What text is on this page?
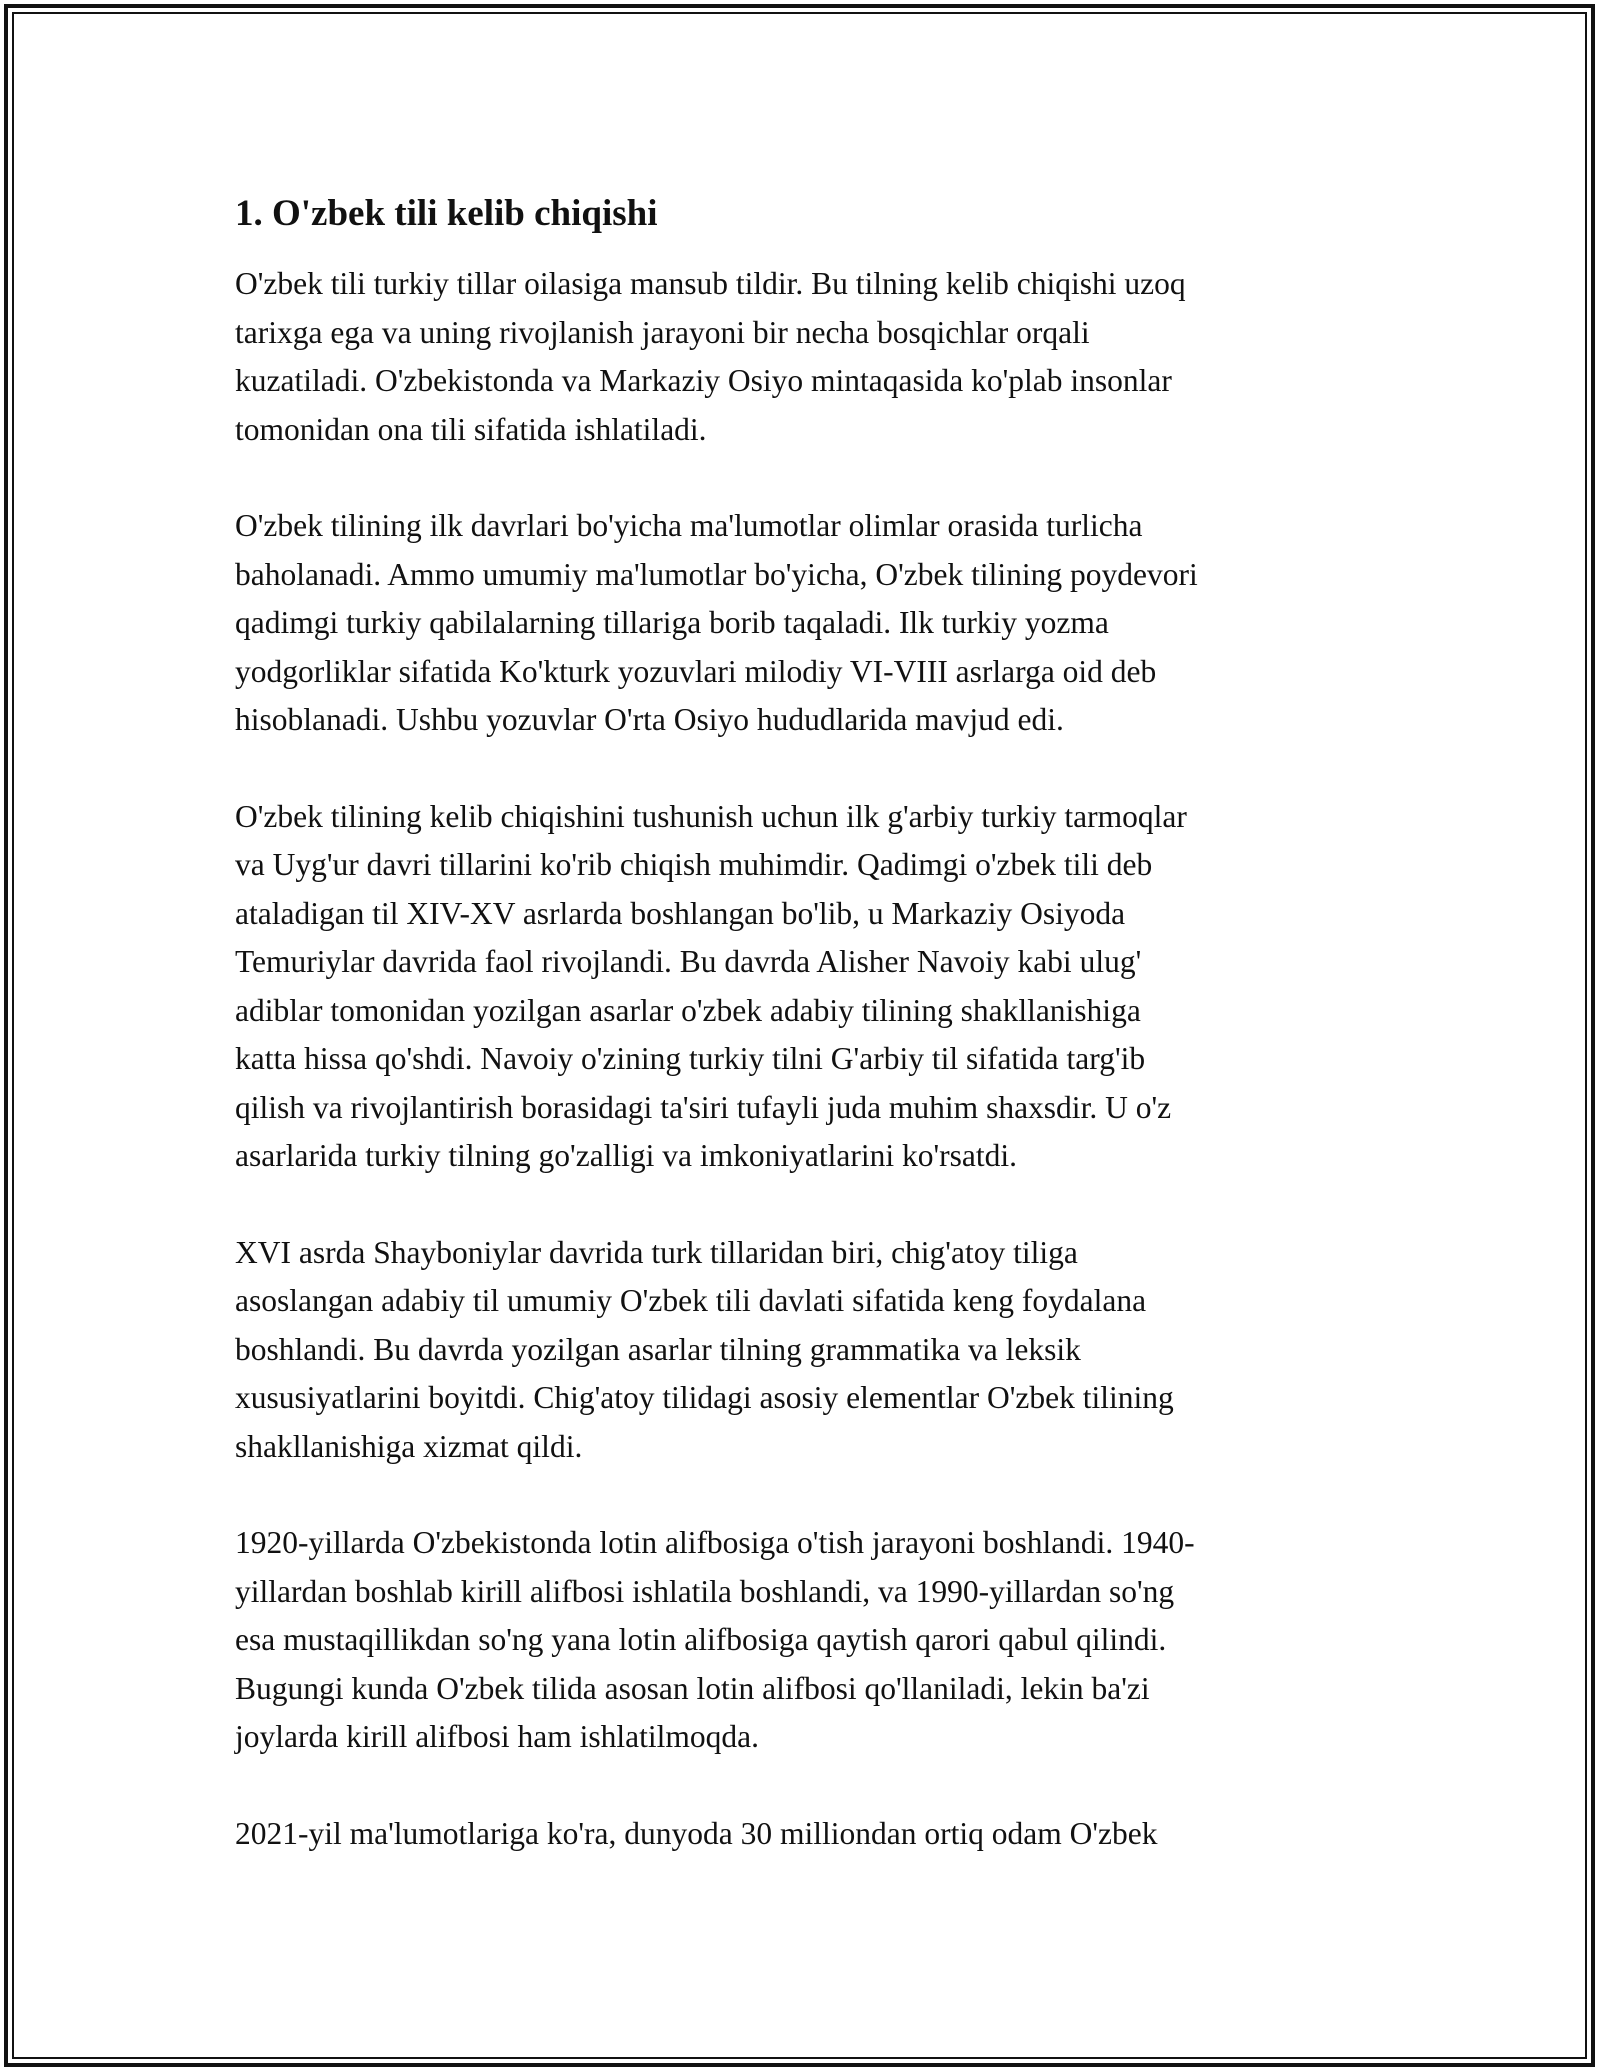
1. O'zbek tili kelib chiqishi

O'zbek tili turkiy tillar oilasiga mansub tildir. Bu tilning kelib chiqishi uzoq
tarixga ega va uning rivojlanish jarayoni bir necha bosqichlar orqali
kuzatiladi. O'zbekistonda va Markaziy Osiyo mintaqasida ko'plab insonlar
tomonidan ona tili sifatida ishlatiladi.

O'zbek tilining ilk davrlari bo'yicha ma'lumotlar olimlar orasida turlicha
baholanadi. Ammo umumiy ma'lumotlar bo'yicha, O'zbek tilining poydevori
qadimgi turkiy qabilalarning tillariga borib taqaladi. Ilk turkiy yozma
yodgorliklar sifatida Ko'kturk yozuvlari milodiy VI-VIII asrlarga oid deb
hisoblanadi. Ushbu yozuvlar O'rta Osiyo hududlarida mavjud edi.

O'zbek tilining kelib chiqishini tushunish uchun ilk g'arbiy turkiy tarmoqlar
va Uyg'ur davri tillarini ko'rib chiqish muhimdir. Qadimgi o'zbek tili deb
ataladigan til XIV-XV asrlarda boshlangan bo'lib, u Markaziy Osiyoda
Temuriylar davrida faol rivojlandi. Bu davrda Alisher Navoiy kabi ulug'
adiblar tomonidan yozilgan asarlar o'zbek adabiy tilining shakllanishiga
katta hissa qo'shdi. Navoiy o'zining turkiy tilni G'arbiy til sifatida targ'ib
qilish va rivojlantirish borasidagi ta'siri tufayli juda muhim shaxsdir. U o'z
asarlarida turkiy tilning go'zalligi va imkoniyatlarini ko'rsatdi.

XVI asrda Shayboniylar davrida turk tillaridan biri, chig'atoy tiliga
asoslangan adabiy til umumiy O'zbek tili davlati sifatida keng foydalana
boshlandi. Bu davrda yozilgan asarlar tilning grammatika va leksik
xususiyatlarini boyitdi. Chig'atoy tilidagi asosiy elementlar O'zbek tilining
shakllanishiga xizmat qildi.

1920-yillarda O'zbekistonda lotin alifbosiga o'tish jarayoni boshlandi. 1940-
yillardan boshlab kirill alifbosi ishlatila boshlandi, va 1990-yillardan so'ng
esa mustaqillikdan so'ng yana lotin alifbosiga qaytish qarori qabul qilindi.
Bugungi kunda O'zbek tilida asosan lotin alifbosi qo'llaniladi, lekin ba'zi
joylarda kirill alifbosi ham ishlatilmoqda.

2021-yil ma'lumotlariga ko'ra, dunyoda 30 milliondan ortiq odam O'zbek
